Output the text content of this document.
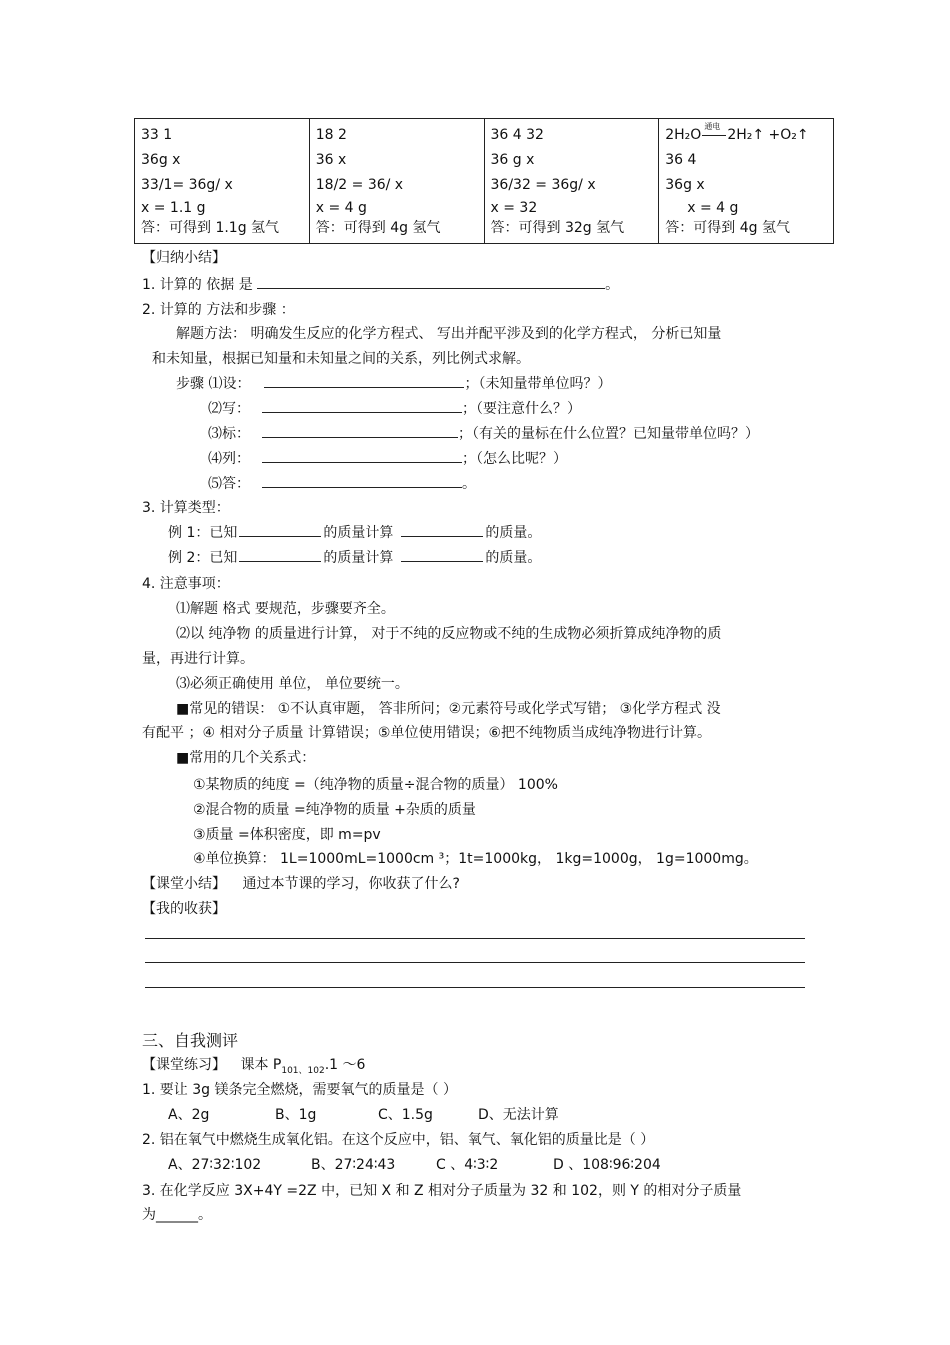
33 1
36g x
33/1= 36g/ x
x = 1.1 g
答：可得到 1.1g 氢气

18 2
36 x
18/2 = 36/ x
x = 4 g
答：可得到 4g 氢气

36 4 32
36 g x
36/32 = 36g/ x
x = 32
答：可得到 32g 氢气

2H₂O
通电
2H₂↑ +O₂↑
36 4
36g x
x = 4 g
答：可得到 4g 氢气
【归纳小结】
1. 计算的 依据 是	。
2. 计算的 方法和步骤 ：
解题方法： 明确发生反应的化学方程式、 写出并配平涉及到的化学方程式， 分析已知量
和未知量，根据已知量和未知量之间的关系，列比例式求解。
步骤 ⑴设：	；（未知量带单位吗？）
⑵写：	；（要注意什么？）
⑶标：	；（有关的量标在什么位置？已知量带单位吗？）
⑷列：	；（怎么比呢？）
⑸答：	。
3. 计算类型：
例 1：已知	的质量计算	的质量。
例 2：已知	的质量计算	的质量。
4. 注意事项：
⑴解题 格式 要规范，步骤要齐全。
⑵以 纯净物 的质量进行计算， 对于不纯的反应物或不纯的生成物必须折算成纯净物的质
量，再进行计算。
⑶必须正确使用 单位， 单位要统一。
■常见的错误： ①不认真审题， 答非所问；②元素符号或化学式写错； ③化学方程式 没
有配平 ；④ 相对分子质量 计算错误；⑤单位使用错误；⑥把不纯物质当成纯净物进行计算。
■常用的几个关系式：
①某物质的纯度 =（纯净物的质量÷混合物的质量） 100%
②混合物的质量 =纯净物的质量 +杂质的质量
③质量 =体积密度，即 m=pv
④单位换算： 1L=1000mL=1000cm ³；1t=1000kg， 1kg=1000g， 1g=1000mg。
【课堂小结】 通过本节课的学习，你收获了什么?
【我的收获】
三、自我测评
【课堂练习】 课本 $P_{101、102}.1$ ～6
1. 要让 3g 镁条完全燃烧，需要氧气的质量是（ ）
A、2g	B、1g	C、1.5g	D、无法计算
2. 铝在氧气中燃烧生成氧化铝。在这个反应中，铝、氧气、氧化铝的质量比是（ ）
A、27∶32∶102	B、27∶24∶43	C 、4∶3∶2	D 、108∶96∶204
3. 在化学反应 3X+4Y =2Z 中，已知 X 和 Z 相对分子质量为 32 和 102，则 Y 的相对分子质量
为______。
